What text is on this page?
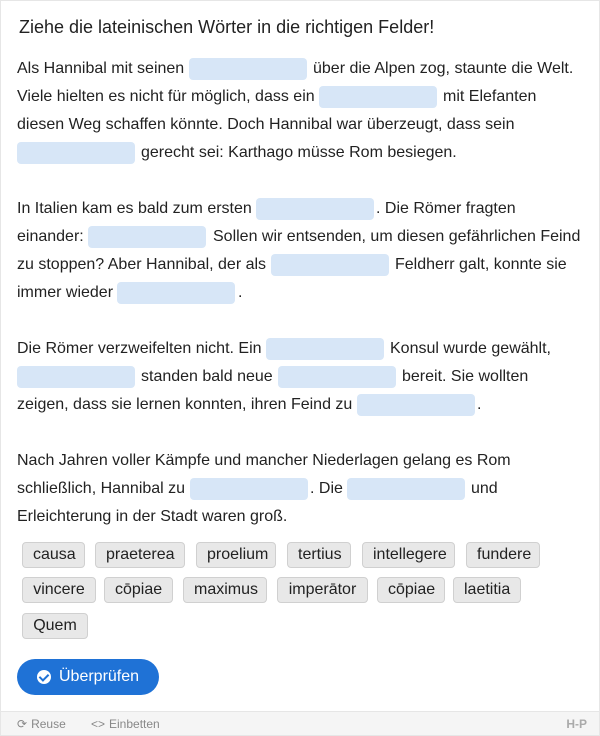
Ziehe die lateinischen Wörter in die richtigen Felder!
Als Hannibal mit seinen	über die Alpen zog, staunte die Welt.
Viele hielten es nicht für möglich, dass ein	mit Elefanten
diesen Weg schaffen könnte. Doch Hannibal war überzeugt, dass sein
gerecht sei: Karthago müsse Rom besiegen.
In Italien kam es bald zum ersten	. Die Römer fragten
einander:	Sollen wir entsenden, um diesen gefährlichen Feind
zu stoppen? Aber Hannibal, der als	Feldherr galt, konnte sie
immer wieder	.
Die Römer verzweifelten nicht. Ein	Konsul wurde gewählt,
standen bald neue	bereit. Sie wollten
zeigen, dass sie lernen konnten, ihren Feind zu	.
Nach Jahren voller Kämpfe und mancher Niederlagen gelang es Rom
schließlich, Hannibal zu	. Die	und
Erleichterung in der Stadt waren groß.
causa	praeterea	proelium	tertius	intellegere	fundere
vincere	cōpiae	maximus	imperātor	cōpiae	laetitia
Quem
Überprüfen
⟳ Reuse <> Einbetten	H-P
